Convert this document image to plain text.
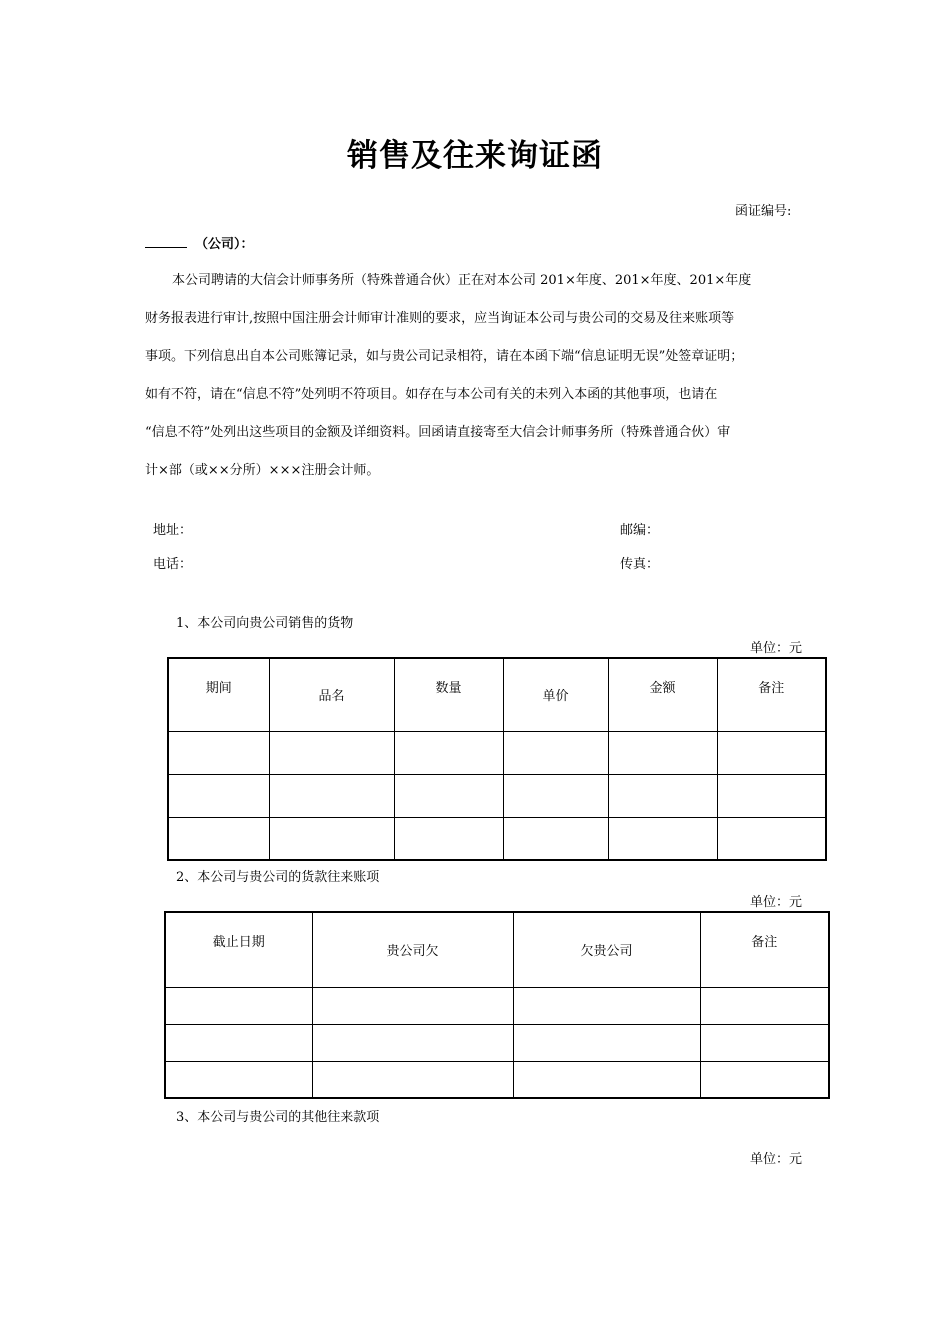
销售及往来询证函
函证编号:
（公司）：

本公司聘请的大信会计师事务所（特殊普通合伙）正在对本公司 201×年度、201×年度、201×年度

财务报表进行审计,按照中国注册会计师审计准则的要求，应当询证本公司与贵公司的交易及往来账项等

事项。下列信息出自本公司账簿记录，如与贵公司记录相符，请在本函下端“信息证明无误”处签章证明；

如有不符，请在“信息不符”处列明不符项目。如存在与本公司有关的未列入本函的其他事项，也请在

“信息不符”处列出这些项目的金额及详细资料。回函请直接寄至大信会计师事务所（特殊普通合伙）审

计×部（或××分所）×××注册会计师。

地址：	邮编：
电话：	传真：
1、本公司向贵公司销售的货物
单位：元
期间	品名	数量	单价	金额	备注

2、本公司与贵公司的货款往来账项
单位：元
截止日期	贵公司欠	欠贵公司	备注

3、本公司与贵公司的其他往来款项
单位：元
